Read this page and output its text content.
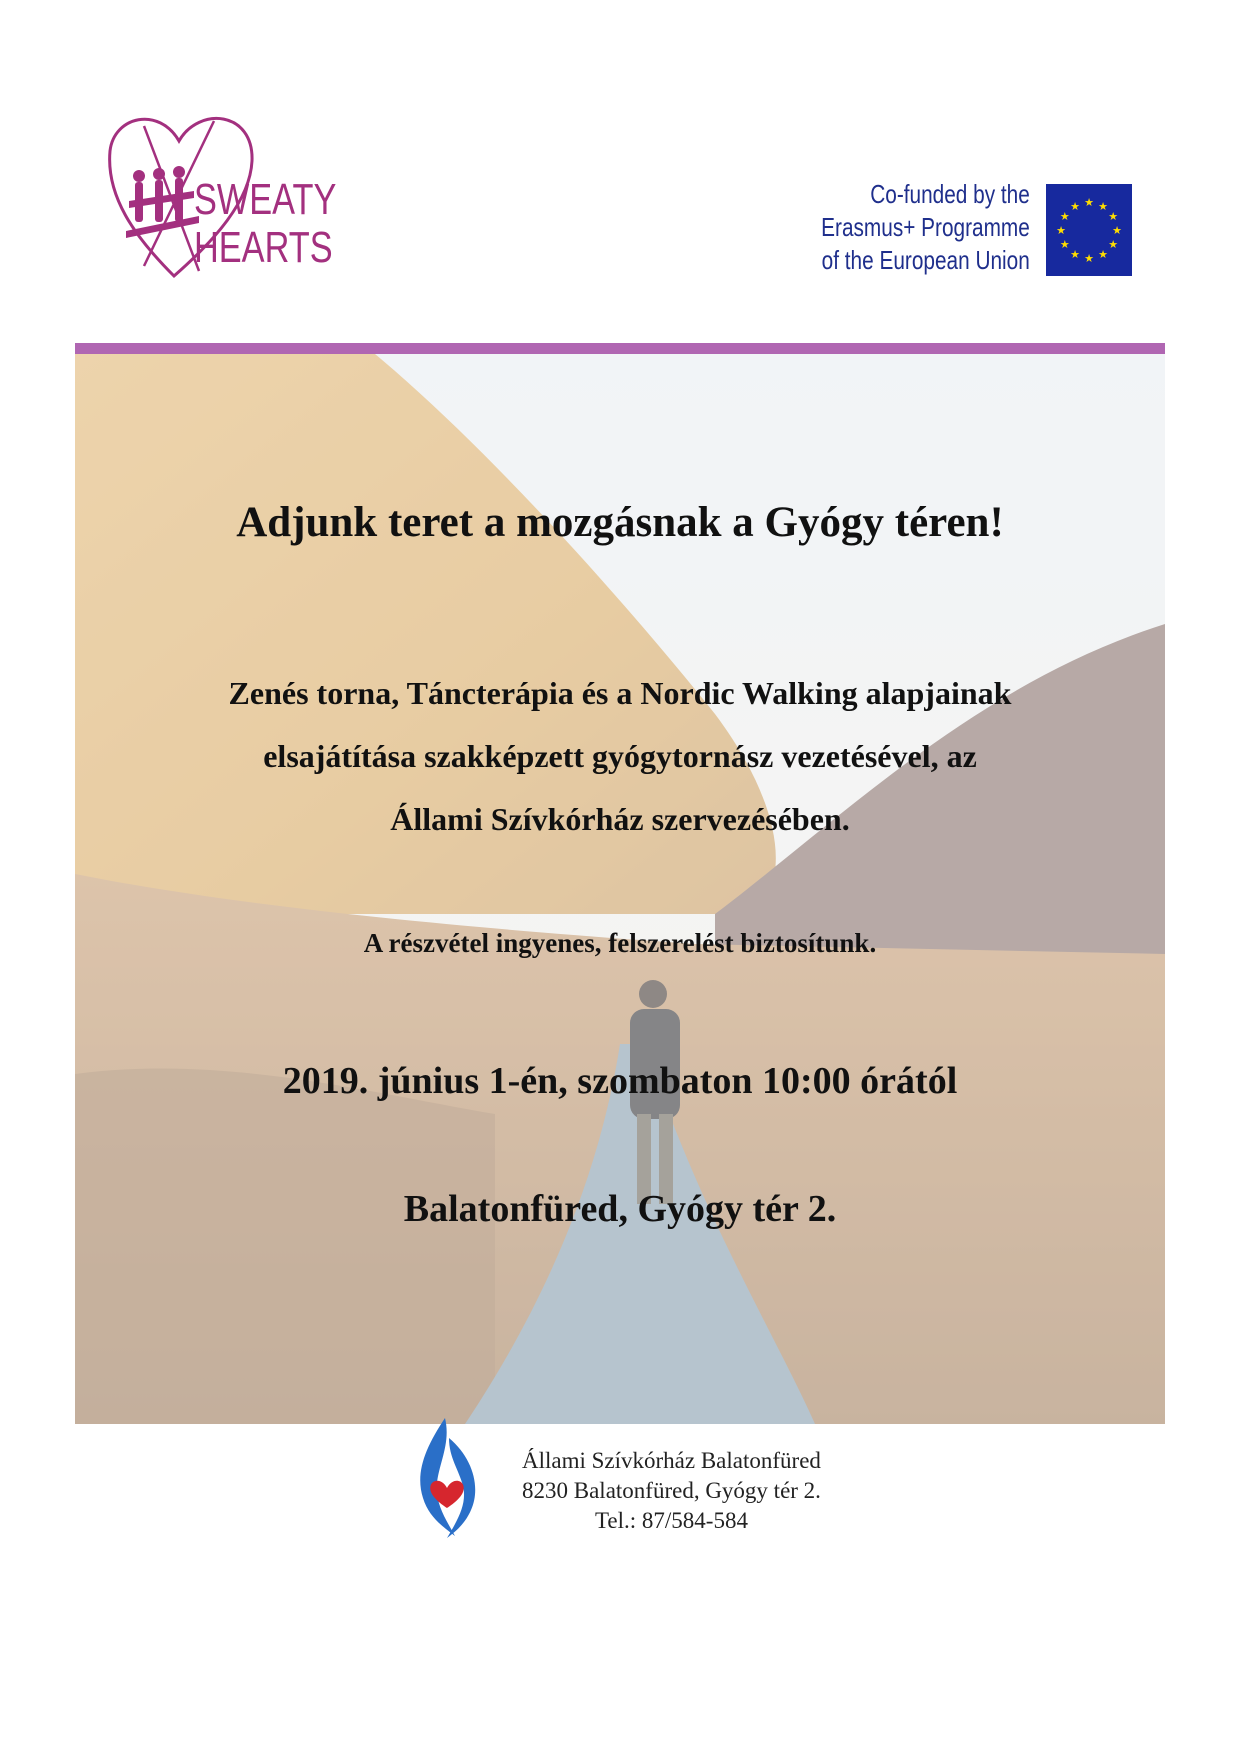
SWEATY
HEARTS
Co-funded by the
Erasmus+ Programme
of the European Union
★ ★
★
★
★
★
★
★
★
★
★
★
Adjunk teret a mozgásnak a Gyógy téren!
Zenés torna, Táncterápia és a Nordic Walking alapjainak
elsajátítása szakképzett gyógytornász vezetésével, az
Állami Szívkórház szervezésében.
A részvétel ingyenes, felszerelést biztosítunk.
2019. június 1-én, szombaton 10:00 órától
Balatonfüred, Gyógy tér 2.
Állami Szívkórház Balatonfüred
8230 Balatonfüred, Gyógy tér 2.
Tel.: 87/584-584
